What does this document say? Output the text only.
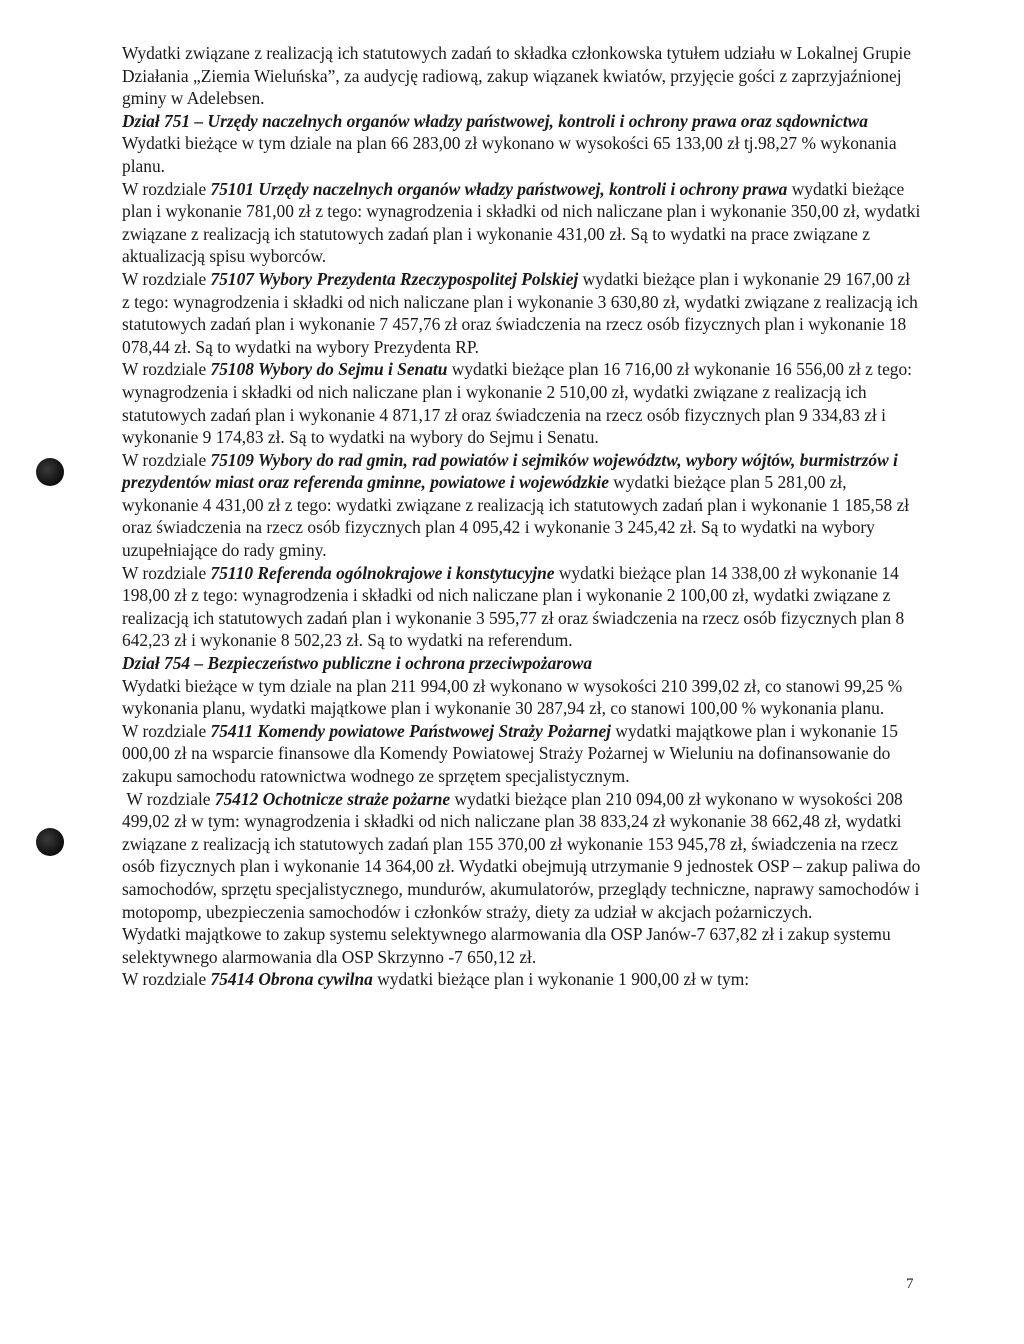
Wydatki związane z realizacją ich statutowych zadań to składka członkowska tytułem udziału w Lokalnej Grupie Działania „Ziemia Wieluńska”, za audycję radiową, zakup wiązanek kwiatów, przyjęcie gości z zaprzyjaźnionej gminy w Adelebsen.

Dział 751 – Urzędy naczelnych organów władzy państwowej, kontroli i ochrony prawa oraz sądownictwa

Wydatki bieżące w tym dziale na plan 66 283,00 zł wykonano w wysokości 65 133,00 zł tj.98,27 % wykonania planu.

W rozdziale 75101 Urzędy naczelnych organów władzy państwowej, kontroli i ochrony prawa wydatki bieżące plan i wykonanie 781,00 zł z tego: wynagrodzenia i składki od nich naliczane plan i wykonanie 350,00 zł, wydatki związane z realizacją ich statutowych zadań plan i wykonanie 431,00 zł. Są to wydatki na prace związane z aktualizacją spisu wyborców.

W rozdziale 75107 Wybory Prezydenta Rzeczypospolitej Polskiej wydatki bieżące plan i wykonanie 29 167,00 zł z tego: wynagrodzenia i składki od nich naliczane plan i wykonanie 3 630,80 zł, wydatki związane z realizacją ich statutowych zadań plan i wykonanie 7 457,76 zł oraz świadczenia na rzecz osób fizycznych plan i wykonanie 18 078,44 zł. Są to wydatki na wybory Prezydenta RP.

W rozdziale 75108 Wybory do Sejmu i Senatu wydatki bieżące plan 16 716,00 zł wykonanie 16 556,00 zł z tego: wynagrodzenia i składki od nich naliczane plan i wykonanie 2 510,00 zł, wydatki związane z realizacją ich statutowych zadań plan i wykonanie 4 871,17 zł oraz świadczenia na rzecz osób fizycznych plan 9 334,83 zł i wykonanie 9 174,83 zł. Są to wydatki na wybory do Sejmu i Senatu.

W rozdziale 75109 Wybory do rad gmin, rad powiatów i sejmików województw, wybory wójtów, burmistrzów i prezydentów miast oraz referenda gminne, powiatowe i wojewódzkie wydatki bieżące plan 5 281,00 zł, wykonanie 4 431,00 zł z tego: wydatki związane z realizacją ich statutowych zadań plan i wykonanie 1 185,58 zł oraz świadczenia na rzecz osób fizycznych plan 4 095,42 i wykonanie 3 245,42 zł. Są to wydatki na wybory uzupełniające do rady gminy.

W rozdziale 75110 Referenda ogólnokrajowe i konstytucyjne wydatki bieżące plan 14 338,00 zł wykonanie 14 198,00 zł z tego: wynagrodzenia i składki od nich naliczane plan i wykonanie 2 100,00 zł, wydatki związane z realizacją ich statutowych zadań plan i wykonanie 3 595,77 zł oraz świadczenia na rzecz osób fizycznych plan 8 642,23 zł i wykonanie 8 502,23 zł. Są to wydatki na referendum.

Dział 754 – Bezpieczeństwo publiczne i ochrona przeciwpożarowa

Wydatki bieżące w tym dziale na plan 211 994,00 zł wykonano w wysokości 210 399,02 zł, co stanowi 99,25 % wykonania planu, wydatki majątkowe plan i wykonanie 30 287,94 zł, co stanowi 100,00 % wykonania planu.

W rozdziale 75411 Komendy powiatowe Państwowej Straży Pożarnej wydatki majątkowe plan i wykonanie 15 000,00 zł na wsparcie finansowe dla Komendy Powiatowej Straży Pożarnej w Wieluniu na dofinansowanie do zakupu samochodu ratownictwa wodnego ze sprzętem specjalistycznym.

W rozdziale 75412 Ochotnicze straże pożarne wydatki bieżące plan 210 094,00 zł wykonano w wysokości 208 499,02 zł w tym: wynagrodzenia i składki od nich naliczane plan 38 833,24 zł wykonanie 38 662,48 zł, wydatki związane z realizacją ich statutowych zadań plan 155 370,00 zł wykonanie 153 945,78 zł, świadczenia na rzecz osób fizycznych plan i wykonanie 14 364,00 zł. Wydatki obejmują utrzymanie 9 jednostek OSP – zakup paliwa do samochodów, sprzętu specjalistycznego, mundurów, akumulatorów, przeglądy techniczne, naprawy samochodów i motopomp, ubezpieczenia samochodów i członków straży, diety za udział w akcjach pożarniczych.

Wydatki majątkowe to zakup systemu selektywnego alarmowania dla OSP Janów-7 637,82 zł i zakup systemu selektywnego alarmowania dla OSP Skrzynno -7 650,12 zł.

W rozdziale 75414 Obrona cywilna wydatki bieżące plan i wykonanie 1 900,00 zł w tym:

7
